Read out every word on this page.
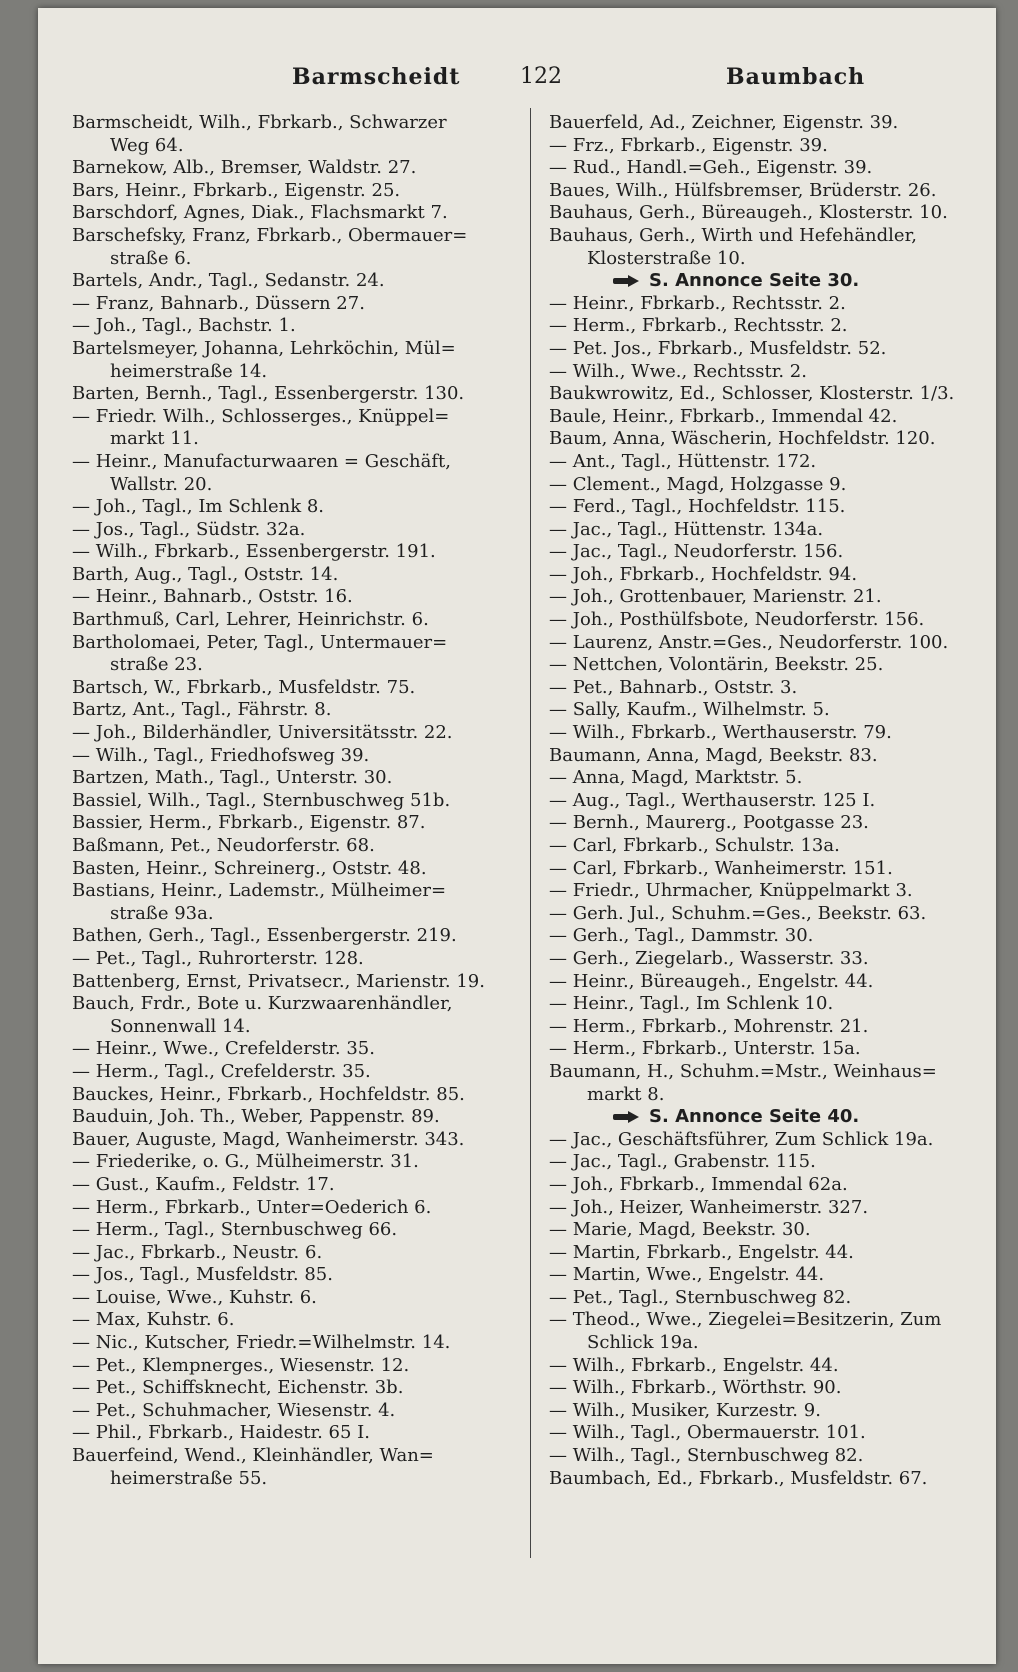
Barmscheidt	122	Baumbach
Barmscheidt, Wilh., Fbrkarb., Schwarzer
Weg 64.
Barnekow, Alb., Bremser, Waldstr. 27.
Bars, Heinr., Fbrkarb., Eigenstr. 25.
Barschdorf, Agnes, Diak., Flachsmarkt 7.
Barschefsky, Franz, Fbrkarb., Obermauer=
straße 6.
Bartels, Andr., Tagl., Sedanstr. 24.
— Franz, Bahnarb., Düssern 27.
— Joh., Tagl., Bachstr. 1.
Bartelsmeyer, Johanna, Lehrköchin, Mül=
heimerstraße 14.
Barten, Bernh., Tagl., Essenbergerstr. 130.
— Friedr. Wilh., Schlosserges., Knüppel=
markt 11.
— Heinr., Manufacturwaaren = Geschäft,
Wallstr. 20.
— Joh., Tagl., Im Schlenk 8.
— Jos., Tagl., Südstr. 32a.
— Wilh., Fbrkarb., Essenbergerstr. 191.
Barth, Aug., Tagl., Oststr. 14.
— Heinr., Bahnarb., Oststr. 16.
Barthmuß, Carl, Lehrer, Heinrichstr. 6.
Bartholomaei, Peter, Tagl., Untermauer=
straße 23.
Bartsch, W., Fbrkarb., Musfeldstr. 75.
Bartz, Ant., Tagl., Fährstr. 8.
— Joh., Bilderhändler, Universitätsstr. 22.
— Wilh., Tagl., Friedhofsweg 39.
Bartzen, Math., Tagl., Unterstr. 30.
Bassiel, Wilh., Tagl., Sternbuschweg 51b.
Bassier, Herm., Fbrkarb., Eigenstr. 87.
Baßmann, Pet., Neudorferstr. 68.
Basten, Heinr., Schreinerg., Oststr. 48.
Bastians, Heinr., Lademstr., Mülheimer=
straße 93a.
Bathen, Gerh., Tagl., Essenbergerstr. 219.
— Pet., Tagl., Ruhrorterstr. 128.
Battenberg, Ernst, Privatsecr., Marienstr. 19.
Bauch, Frdr., Bote u. Kurzwaarenhändler,
Sonnenwall 14.
— Heinr., Wwe., Crefelderstr. 35.
— Herm., Tagl., Crefelderstr. 35.
Bauckes, Heinr., Fbrkarb., Hochfeldstr. 85.
Bauduin, Joh. Th., Weber, Pappenstr. 89.
Bauer, Auguste, Magd, Wanheimerstr. 343.
— Friederike, o. G., Mülheimerstr. 31.
— Gust., Kaufm., Feldstr. 17.
— Herm., Fbrkarb., Unter=Oederich 6.
— Herm., Tagl., Sternbuschweg 66.
— Jac., Fbrkarb., Neustr. 6.
— Jos., Tagl., Musfeldstr. 85.
— Louise, Wwe., Kuhstr. 6.
— Max, Kuhstr. 6.
— Nic., Kutscher, Friedr.=Wilhelmstr. 14.
— Pet., Klempnerges., Wiesenstr. 12.
— Pet., Schiffsknecht, Eichenstr. 3b.
— Pet., Schuhmacher, Wiesenstr. 4.
— Phil., Fbrkarb., Haidestr. 65 I.
Bauerfeind, Wend., Kleinhändler, Wan=
heimerstraße 55.
Bauerfeld, Ad., Zeichner, Eigenstr. 39.
— Frz., Fbrkarb., Eigenstr. 39.
— Rud., Handl.=Geh., Eigenstr. 39.
Baues, Wilh., Hülfsbremser, Brüderstr. 26.
Bauhaus, Gerh., Büreaugeh., Klosterstr. 10.
Bauhaus, Gerh., Wirth und Hefehändler,
Klosterstraße 10.
S. Annonce Seite 30.
— Heinr., Fbrkarb., Rechtsstr. 2.
— Herm., Fbrkarb., Rechtsstr. 2.
— Pet. Jos., Fbrkarb., Musfeldstr. 52.
— Wilh., Wwe., Rechtsstr. 2.
Baukwrowitz, Ed., Schlosser, Klosterstr. 1/3.
Baule, Heinr., Fbrkarb., Immendal 42.
Baum, Anna, Wäscherin, Hochfeldstr. 120.
— Ant., Tagl., Hüttenstr. 172.
— Clement., Magd, Holzgasse 9.
— Ferd., Tagl., Hochfeldstr. 115.
— Jac., Tagl., Hüttenstr. 134a.
— Jac., Tagl., Neudorferstr. 156.
— Joh., Fbrkarb., Hochfeldstr. 94.
— Joh., Grottenbauer, Marienstr. 21.
— Joh., Posthülfsbote, Neudorferstr. 156.
— Laurenz, Anstr.=Ges., Neudorferstr. 100.
— Nettchen, Volontärin, Beekstr. 25.
— Pet., Bahnarb., Oststr. 3.
— Sally, Kaufm., Wilhelmstr. 5.
— Wilh., Fbrkarb., Werthauserstr. 79.
Baumann, Anna, Magd, Beekstr. 83.
— Anna, Magd, Marktstr. 5.
— Aug., Tagl., Werthauserstr. 125 I.
— Bernh., Maurerg., Pootgasse 23.
— Carl, Fbrkarb., Schulstr. 13a.
— Carl, Fbrkarb., Wanheimerstr. 151.
— Friedr., Uhrmacher, Knüppelmarkt 3.
— Gerh. Jul., Schuhm.=Ges., Beekstr. 63.
— Gerh., Tagl., Dammstr. 30.
— Gerh., Ziegelarb., Wasserstr. 33.
— Heinr., Büreaugeh., Engelstr. 44.
— Heinr., Tagl., Im Schlenk 10.
— Herm., Fbrkarb., Mohrenstr. 21.
— Herm., Fbrkarb., Unterstr. 15a.
Baumann, H., Schuhm.=Mstr., Weinhaus=
markt 8.
S. Annonce Seite 40.
— Jac., Geschäftsführer, Zum Schlick 19a.
— Jac., Tagl., Grabenstr. 115.
— Joh., Fbrkarb., Immendal 62a.
— Joh., Heizer, Wanheimerstr. 327.
— Marie, Magd, Beekstr. 30.
— Martin, Fbrkarb., Engelstr. 44.
— Martin, Wwe., Engelstr. 44.
— Pet., Tagl., Sternbuschweg 82.
— Theod., Wwe., Ziegelei=Besitzerin, Zum
Schlick 19a.
— Wilh., Fbrkarb., Engelstr. 44.
— Wilh., Fbrkarb., Wörthstr. 90.
— Wilh., Musiker, Kurzestr. 9.
— Wilh., Tagl., Obermauerstr. 101.
— Wilh., Tagl., Sternbuschweg 82.
Baumbach, Ed., Fbrkarb., Musfeldstr. 67.
